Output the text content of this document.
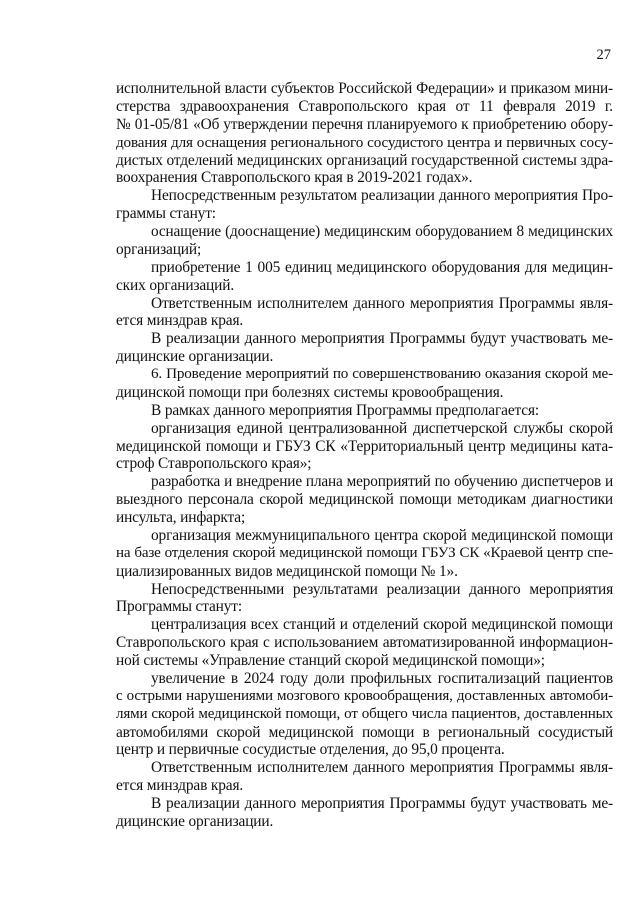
27
исполнительной власти субъектов Российской Федерации» и приказом мини-
стерства здравоохранения Ставропольского края от 11 февраля 2019 г.
№ 01-05/81 «Об утверждении перечня планируемого к приобретению обору-
дования для оснащения регионального сосудистого центра и первичных сосу-
дистых отделений медицинских организаций государственной системы здра-
воохранения Ставропольского края в 2019-2021 годах».
Непосредственным результатом реализации данного мероприятия Про-
граммы станут:
оснащение (дооснащение) медицинским оборудованием 8 медицинских
организаций;
приобретение 1 005 единиц медицинского оборудования для медицин-
ских организаций.
Ответственным исполнителем данного мероприятия Программы явля-
ется минздрав края.
В реализации данного мероприятия Программы будут участвовать ме-
дицинские организации.
6. Проведение мероприятий по совершенствованию оказания скорой ме-
дицинской помощи при болезнях системы кровообращения.
В рамках данного мероприятия Программы предполагается:
организация единой централизованной диспетчерской службы скорой
медицинской помощи и ГБУЗ СК «Территориальный центр медицины ката-
строф Ставропольского края»;
разработка и внедрение плана мероприятий по обучению диспетчеров и
выездного персонала скорой медицинской помощи методикам диагностики
инсульта, инфаркта;
организация межмуниципального центра скорой медицинской помощи
на базе отделения скорой медицинской помощи ГБУЗ СК «Краевой центр спе-
циализированных видов медицинской помощи № 1».
Непосредственными результатами реализации данного мероприятия
Программы станут:
централизация всех станций и отделений скорой медицинской помощи
Ставропольского края с использованием автоматизированной информацион-
ной системы «Управление станций скорой медицинской помощи»;
увеличение в 2024 году доли профильных госпитализаций пациентов
с острыми нарушениями мозгового кровообращения, доставленных автомоби-
лями скорой медицинской помощи, от общего числа пациентов, доставленных
автомобилями скорой медицинской помощи в региональный сосудистый
центр и первичные сосудистые отделения, до 95,0 процента.
Ответственным исполнителем данного мероприятия Программы явля-
ется минздрав края.
В реализации данного мероприятия Программы будут участвовать ме-
дицинские организации.
